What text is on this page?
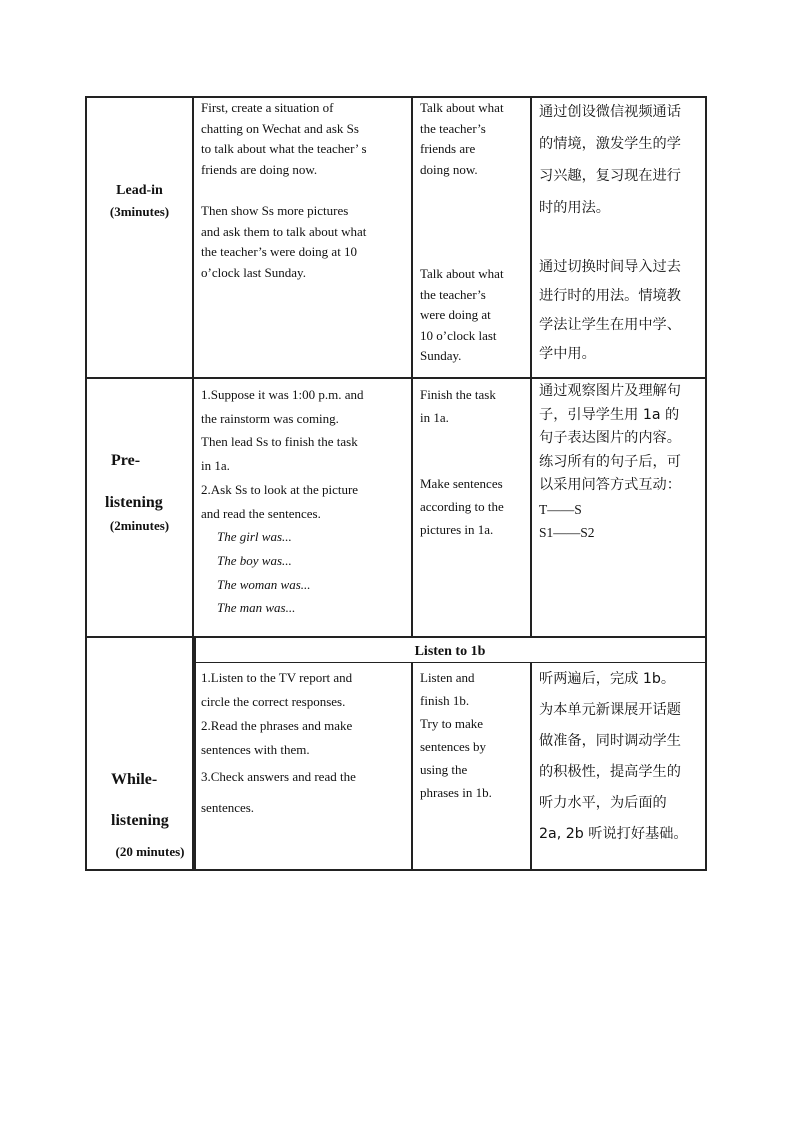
Lead-in
(3minutes)

First, create a situation of

chatting on Wechat and ask Ss

to talk about what the teacher’ s

friends are doing now.

Then show Ss more pictures

and ask them to talk about what

the teacher’s were doing at 10

o’clock last Sunday.

Talk about what

the teacher’s

friends are

doing now.

Talk about what

the teacher’s

were doing at

10 o’clock last

Sunday.

通过创设微信视频通话
的情境，激发学生的学
习兴趣，复习现在进行
时的用法。
通过切换时间导入过去
进行时的用法。情境教
学法让学生在用中学、
学中用。
Pre-
listening
(2minutes)

1.Suppose it was 1:00 p.m. and

the rainstorm was coming.

Then lead Ss to finish the task

in 1a.

2.Ask Ss to look at the picture

and read the sentences.

The girl was...

The boy was...

The woman was...

The man was...

Finish the task

in 1a.

Make sentences

according to the

pictures in 1a.

通过观察图片及理解句
子，引导学生用 1a 的
句子表达图片的内容。
练习所有的句子后，可
以采用问答方式互动：
T——S
S1——S2
Listen to 1b
While-
listening
(20 minutes)

1.Listen to the TV report and

circle the correct responses.

2.Read the phrases and make

sentences with them.

3.Check answers and read the

sentences.

Listen and

finish 1b.

Try to make

sentences by

using the

phrases in 1b.

听两遍后，完成 1b。
为本单元新课展开话题
做准备，同时调动学生
的积极性，提高学生的
听力水平，为后面的
2a, 2b 听说打好基础。
